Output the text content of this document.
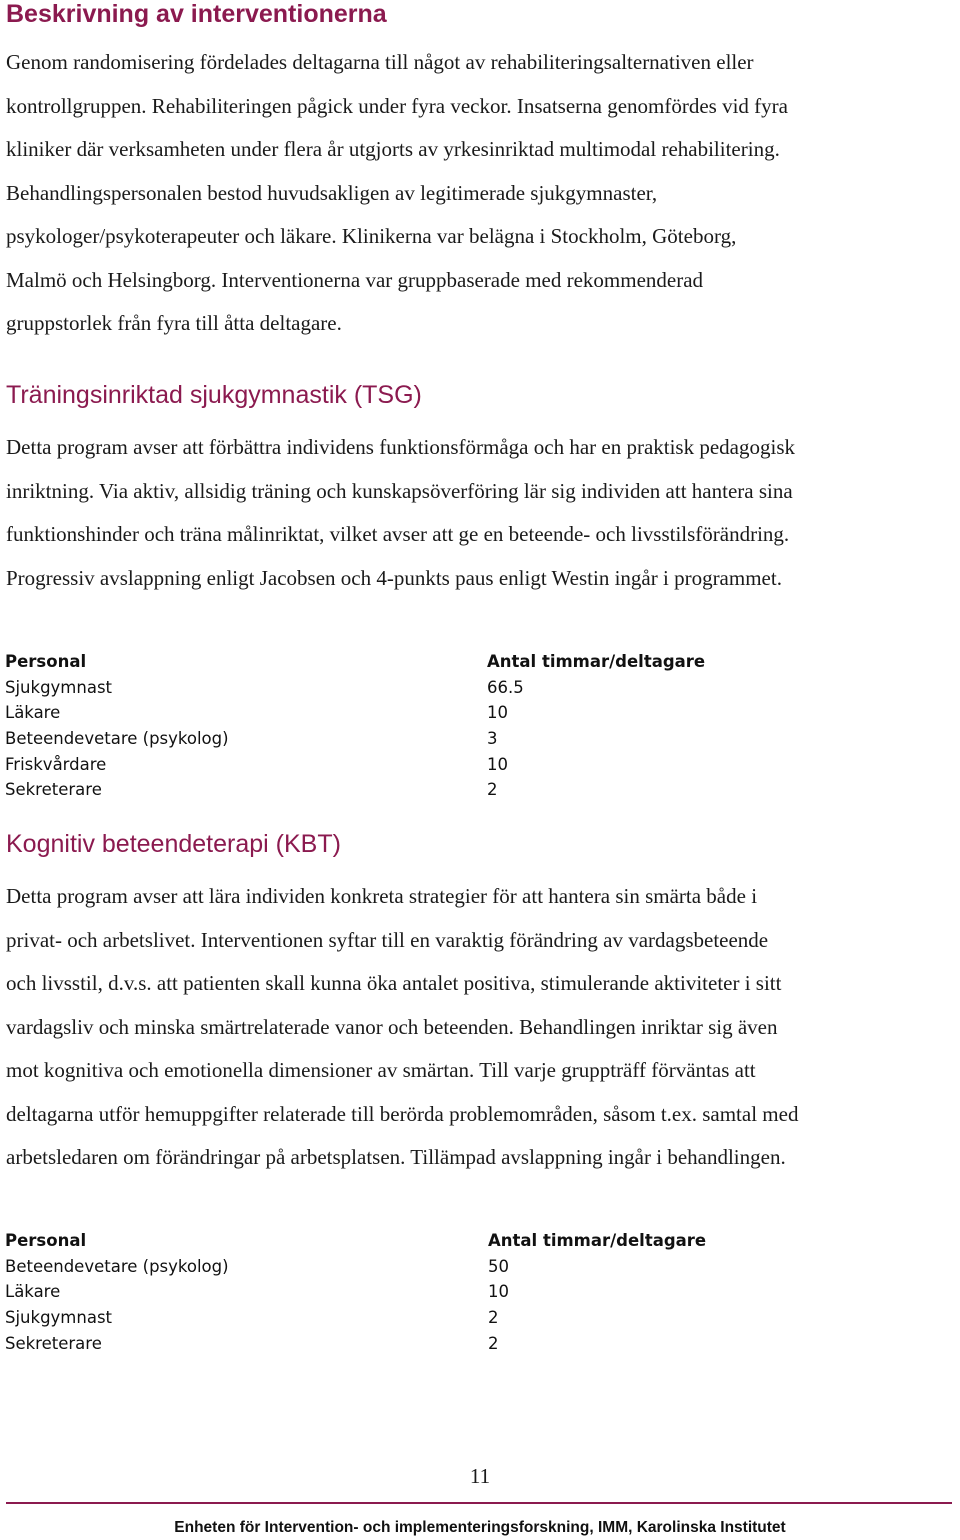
Beskrivning av interventionerna
Genom randomisering fördelades deltagarna till något av rehabiliteringsalternativen eller
kontrollgruppen. Rehabiliteringen pågick under fyra veckor. Insatserna genomfördes vid fyra
kliniker där verksamheten under flera år utgjorts av yrkesinriktad multimodal rehabilitering.
Behandlingspersonalen bestod huvudsakligen av legitimerade sjukgymnaster,
psykologer/psykoterapeuter och läkare. Klinikerna var belägna i Stockholm, Göteborg,
Malmö och Helsingborg. Interventionerna var gruppbaserade med rekommenderad
gruppstorlek från fyra till åtta deltagare.
Träningsinriktad sjukgymnastik (TSG)
Detta program avser att förbättra individens funktionsförmåga och har en praktisk pedagogisk
inriktning. Via aktiv, allsidig träning och kunskapsöverföring lär sig individen att hantera sina
funktionshinder och träna målinriktat, vilket avser att ge en beteende- och livsstilsförändring.
Progressiv avslappning enligt Jacobsen och 4-punkts paus enligt Westin ingår i programmet.
Personal	Antal timmar/deltagare
Sjukgymnast	66.5
Läkare	10
Beteendevetare (psykolog)	3
Friskvårdare	10
Sekreterare	2
Kognitiv beteendeterapi (KBT)
Detta program avser att lära individen konkreta strategier för att hantera sin smärta både i
privat- och arbetslivet. Interventionen syftar till en varaktig förändring av vardagsbeteende
och livsstil, d.v.s. att patienten skall kunna öka antalet positiva, stimulerande aktiviteter i sitt
vardagsliv och minska smärtrelaterade vanor och beteenden. Behandlingen inriktar sig även
mot kognitiva och emotionella dimensioner av smärtan. Till varje gruppträff förväntas att
deltagarna utför hemuppgifter relaterade till berörda problemområden, såsom t.ex. samtal med
arbetsledaren om förändringar på arbetsplatsen. Tillämpad avslappning ingår i behandlingen.
Personal	Antal timmar/deltagare
Beteendevetare (psykolog)	50
Läkare	10
Sjukgymnast	2
Sekreterare	2
11
Enheten för Intervention- och implementeringsforskning, IMM, Karolinska Institutet
